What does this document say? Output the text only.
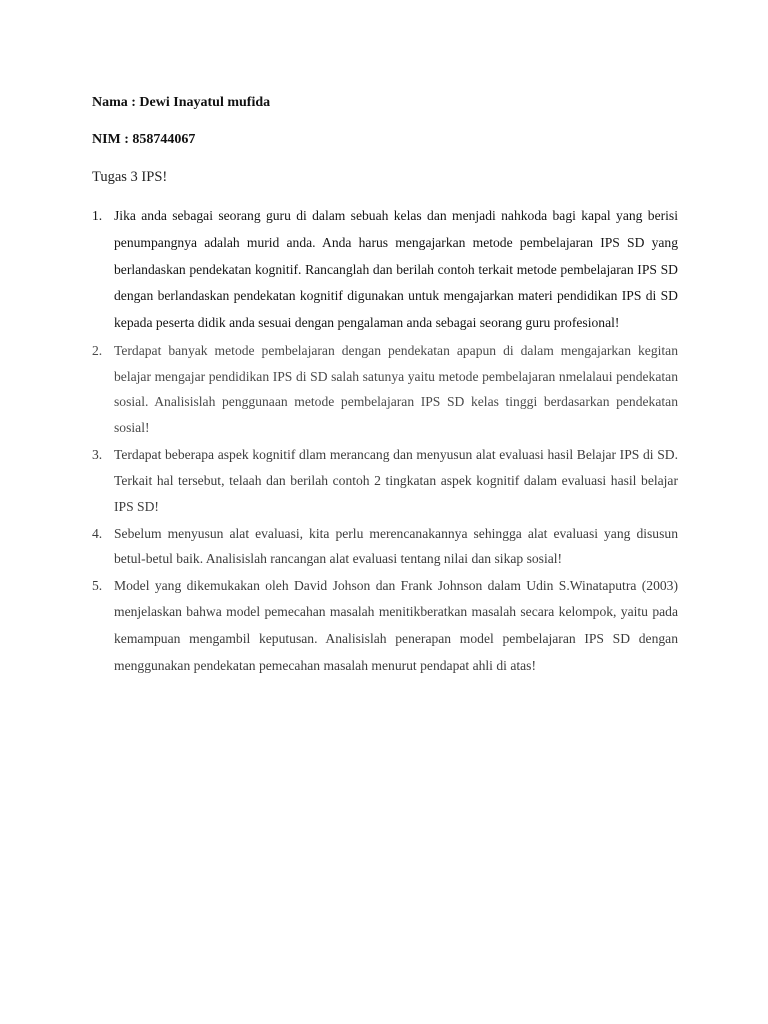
Nama : Dewi Inayatul mufida
NIM : 858744067
Tugas 3 IPS!
1. Jika anda sebagai seorang guru di dalam sebuah kelas dan menjadi nahkoda bagi kapal yang berisi penumpangnya adalah murid anda. Anda harus mengajarkan metode pembelajaran IPS SD yang berlandaskan pendekatan kognitif. Rancanglah dan berilah contoh terkait metode pembelajaran IPS SD dengan berlandaskan pendekatan kognitif digunakan untuk mengajarkan materi pendidikan IPS di SD kepada peserta didik anda sesuai dengan pengalaman anda sebagai seorang guru profesional!
2. Terdapat banyak metode pembelajaran dengan pendekatan apapun di dalam mengajarkan kegitan belajar mengajar pendidikan IPS di SD salah satunya yaitu metode pembelajaran nmelalaui pendekatan sosial. Analisislah penggunaan metode pembelajaran IPS SD kelas tinggi berdasarkan pendekatan sosial!
3. Terdapat beberapa aspek kognitif dlam merancang dan menyusun alat evaluasi hasil Belajar IPS di SD. Terkait hal tersebut, telaah dan berilah contoh 2 tingkatan aspek kognitif dalam evaluasi hasil belajar IPS SD!
4. Sebelum menyusun alat evaluasi, kita perlu merencanakannya sehingga alat evaluasi yang disusun betul-betul baik. Analisislah rancangan alat evaluasi tentang nilai dan sikap sosial!
5. Model yang dikemukakan oleh David Johson dan Frank Johnson dalam Udin S.Winataputra (2003) menjelaskan bahwa model pemecahan masalah menitikberatkan masalah secara kelompok, yaitu pada kemampuan mengambil keputusan. Analisislah penerapan model pembelajaran IPS SD dengan menggunakan pendekatan pemecahan masalah menurut pendapat ahli di atas!
